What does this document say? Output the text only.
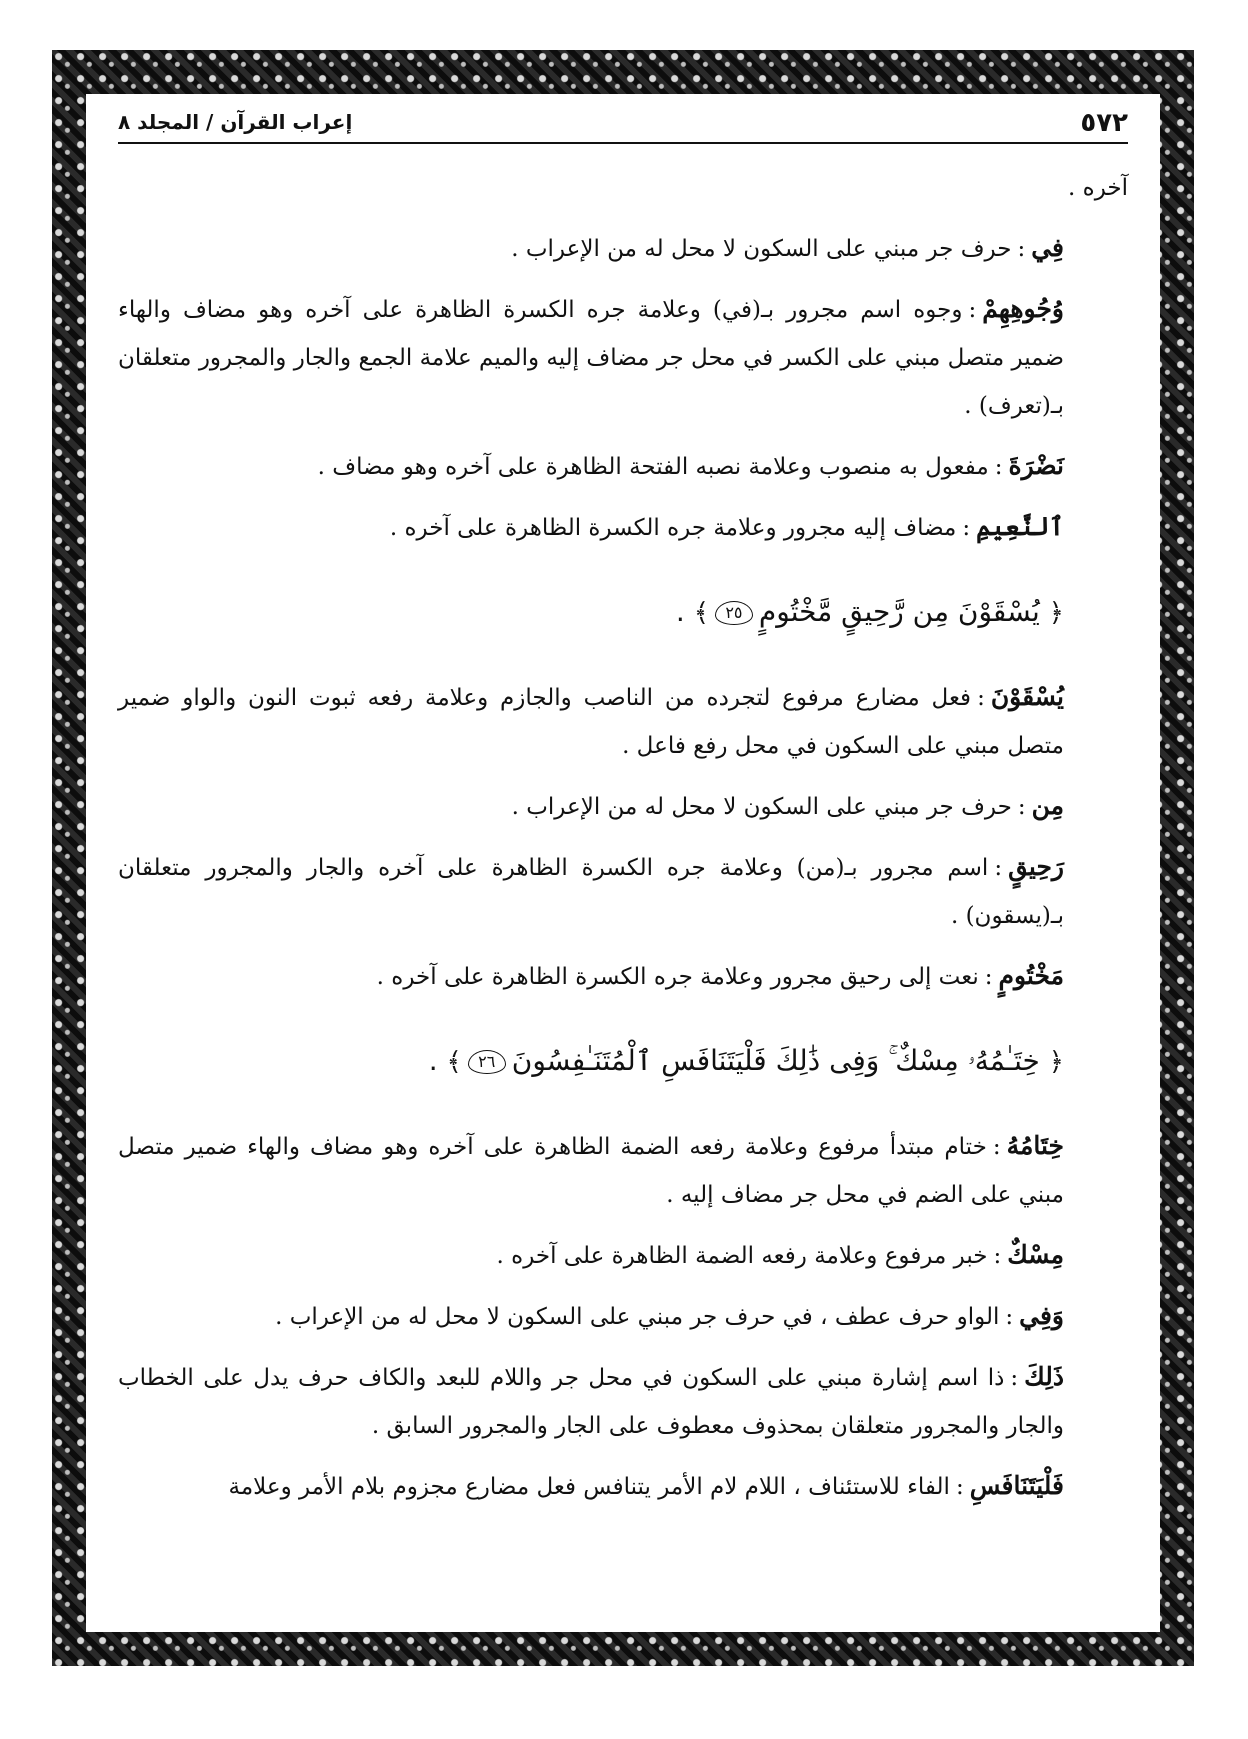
٥٧٢
إعراب القرآن / المجلد ٨

آخره .

فِي:حرف جر مبني على السكون لا محل له من الإعراب .

وُجُوهِهِمْ:وجوه اسم مجرور بـ(في) وعلامة جره الكسرة الظاهرة على آخره وهو مضاف والهاء ضمير متصل مبني على الكسر في محل جر مضاف إليه والميم علامة الجمع والجار والمجرور متعلقان بـ(تعرف) .

نَضْرَةَ:مفعول به منصوب وعلامة نصبه الفتحة الظاهرة على آخره وهو مضاف .

ٱلنَّعِيمِ:مضاف إليه مجرور وعلامة جره الكسرة الظاهرة على آخره .

﴿ يُسْقَوْنَ مِن رَّحِيقٍ مَّخْتُومٍ٢٥﴾ .

يُسْقَوْنَ:فعل مضارع مرفوع لتجرده من الناصب والجازم وعلامة رفعه ثبوت النون والواو ضمير متصل مبني على السكون في محل رفع فاعل .

مِن:حرف جر مبني على السكون لا محل له من الإعراب .

رَحِيقٍ:اسم مجرور بـ(من) وعلامة جره الكسرة الظاهرة على آخره والجار والمجرور متعلقان بـ(يسقون) .

مَخْتُومٍ:نعت إلى رحيق مجرور وعلامة جره الكسرة الظاهرة على آخره .

﴿ خِتَـٰمُهُۥ مِسْكٌ ۚ وَفِى ذَٰلِكَ فَلْيَتَنَافَسِ ٱلْمُتَنَـٰفِسُونَ٢٦﴾ .

خِتَامُهُ:ختام مبتدأ مرفوع وعلامة رفعه الضمة الظاهرة على آخره وهو مضاف والهاء ضمير متصل مبني على الضم في محل جر مضاف إليه .

مِسْكٌ:خبر مرفوع وعلامة رفعه الضمة الظاهرة على آخره .

وَفِي:الواو حرف عطف ، في حرف جر مبني على السكون لا محل له من الإعراب .

ذَلِكَ:ذا اسم إشارة مبني على السكون في محل جر واللام للبعد والكاف حرف يدل على الخطاب والجار والمجرور متعلقان بمحذوف معطوف على الجار والمجرور السابق .

فَلْيَتَنَافَسِ:الفاء للاستئناف ، اللام لام الأمر يتنافس فعل مضارع مجزوم بلام الأمر وعلامة
